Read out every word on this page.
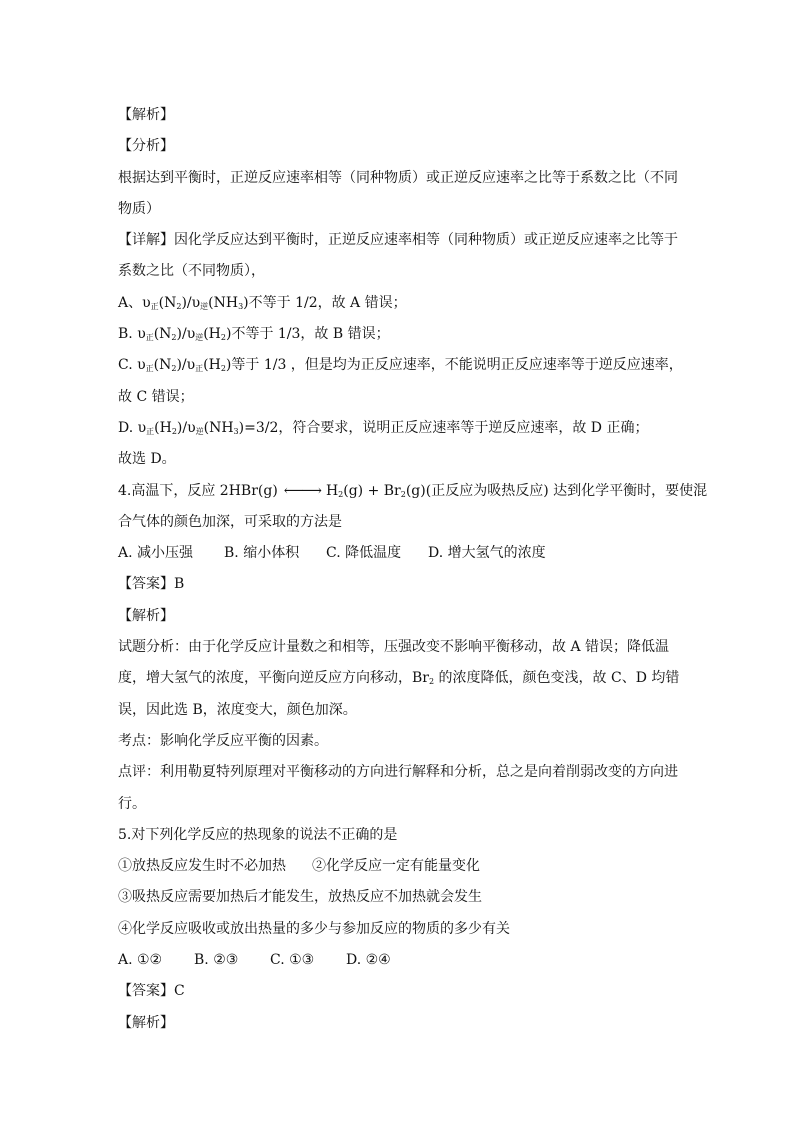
【解析】
【分析】
根据达到平衡时，正逆反应速率相等（同种物质）或正逆反应速率之比等于系数之比（不同
物质）
【详解】因化学反应达到平衡时，正逆反应速率相等（同种物质）或正逆反应速率之比等于
系数之比（不同物质），
A、$\upsilon_正(N_2)/\upsilon_逆(NH_3)$不等于 1/2，故 A 错误；
B. $\upsilon_正(N_2)/\upsilon_逆(H_2)$不等于 1/3，故 B 错误；
C. $\upsilon_正(N_2)/\upsilon_正(H_2)$等于 1/3 ，但是均为正反应速率，不能说明正反应速率等于逆反应速率，
故 C 错误；
D. $\upsilon_正(H_2)/\upsilon_逆(NH_3)=3/2$，符合要求，说明正反应速率等于逆反应速率，故 D 正确；
故选 D。
4.高温下，反应 2HBr(g) ⟵⟶ $H_2(g) + Br_2(g)$(正反应为吸热反应) 达到化学平衡时，要使混
合气体的颜色加深，可采取的方法是
A. 减小压强 B. 缩小体积 C. 降低温度 D. 增大氢气的浓度
【答案】B
【解析】
试题分析：由于化学反应计量数之和相等，压强改变不影响平衡移动，故 A 错误；降低温
度，增大氢气的浓度，平衡向逆反应方向移动，$Br_2$ 的浓度降低，颜色变浅，故 C、D 均错
误，因此选 B，浓度变大，颜色加深。
考点：影响化学反应平衡的因素。
点评：利用勒夏特列原理对平衡移动的方向进行解释和分析，总之是向着削弱改变的方向进
行。
5.对下列化学反应的热现象的说法不正确的是
①放热反应发生时不必加热 ②化学反应一定有能量变化
③吸热反应需要加热后才能发生，放热反应不加热就会发生
④化学反应吸收或放出热量的多少与参加反应的物质的多少有关
A. ①② B. ②③ C. ①③ D. ②④
【答案】C
【解析】
